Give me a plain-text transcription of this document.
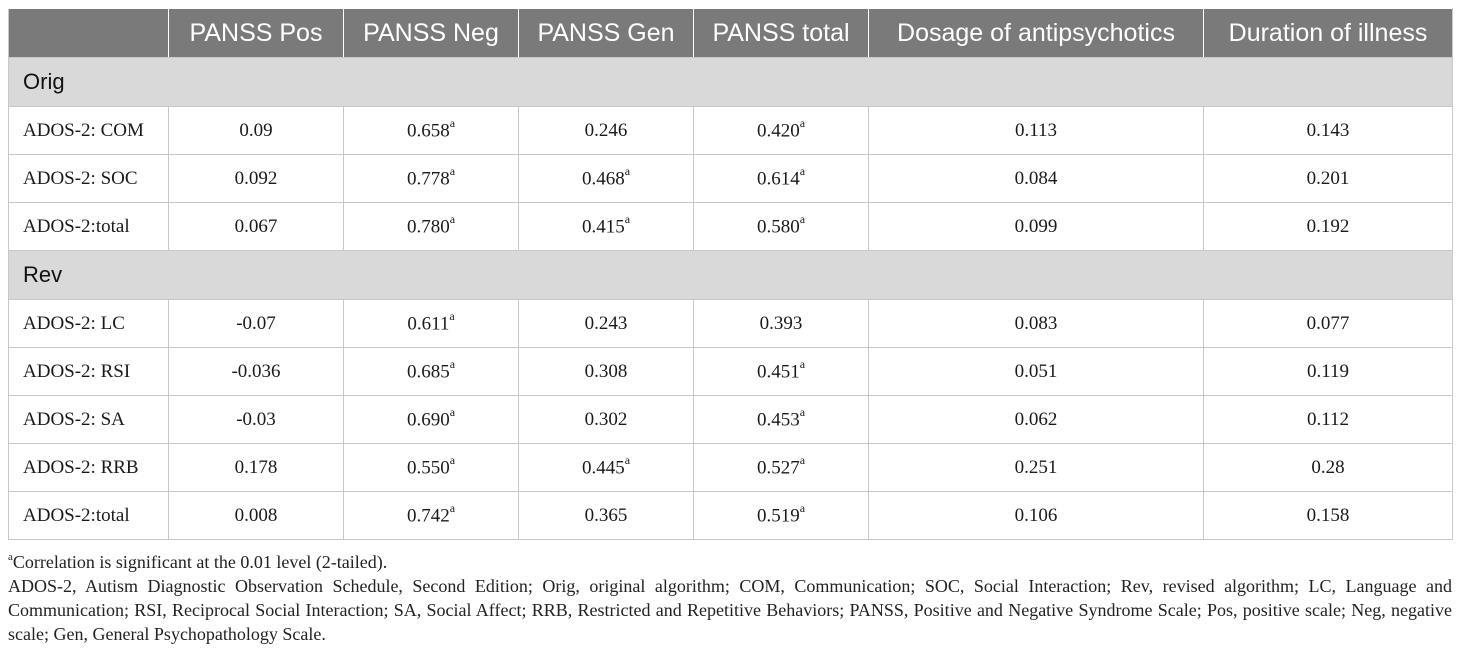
	PANSS Pos	PANSS Neg	PANSS Gen	PANSS total	Dosage of antipsychotics	Duration of illness
Orig						
ADOS-2: COM	0.09	0.658$^a$	0.246	0.420$^a$	0.113	0.143
ADOS-2: SOC	0.092	0.778$^a$	0.468$^a$	0.614$^a$	0.084	0.201
ADOS-2:total	0.067	0.780$^a$	0.415$^a$	0.580$^a$	0.099	0.192
Rev						
ADOS-2: LC	-0.07	0.611$^a$	0.243	0.393	0.083	0.077
ADOS-2: RSI	-0.036	0.685$^a$	0.308	0.451$^a$	0.051	0.119
ADOS-2: SA	-0.03	0.690$^a$	0.302	0.453$^a$	0.062	0.112
ADOS-2: RRB	0.178	0.550$^a$	0.445$^a$	0.527$^a$	0.251	0.28
ADOS-2:total	0.008	0.742$^a$	0.365	0.519$^a$	0.106	0.158

$^a$Correlation is significant at the 0.01 level (2-tailed).

ADOS-2, Autism Diagnostic Observation Schedule, Second Edition; Orig, original algorithm; COM, Communication; SOC, Social Interaction; Rev, revised algorithm; LC, Language and Communication; RSI, Reciprocal Social Interaction; SA, Social Affect; RRB, Restricted and Repetitive Behaviors; PANSS, Positive and Negative Syndrome Scale; Pos, positive scale; Neg, negative scale; Gen, General Psychopathology Scale.
